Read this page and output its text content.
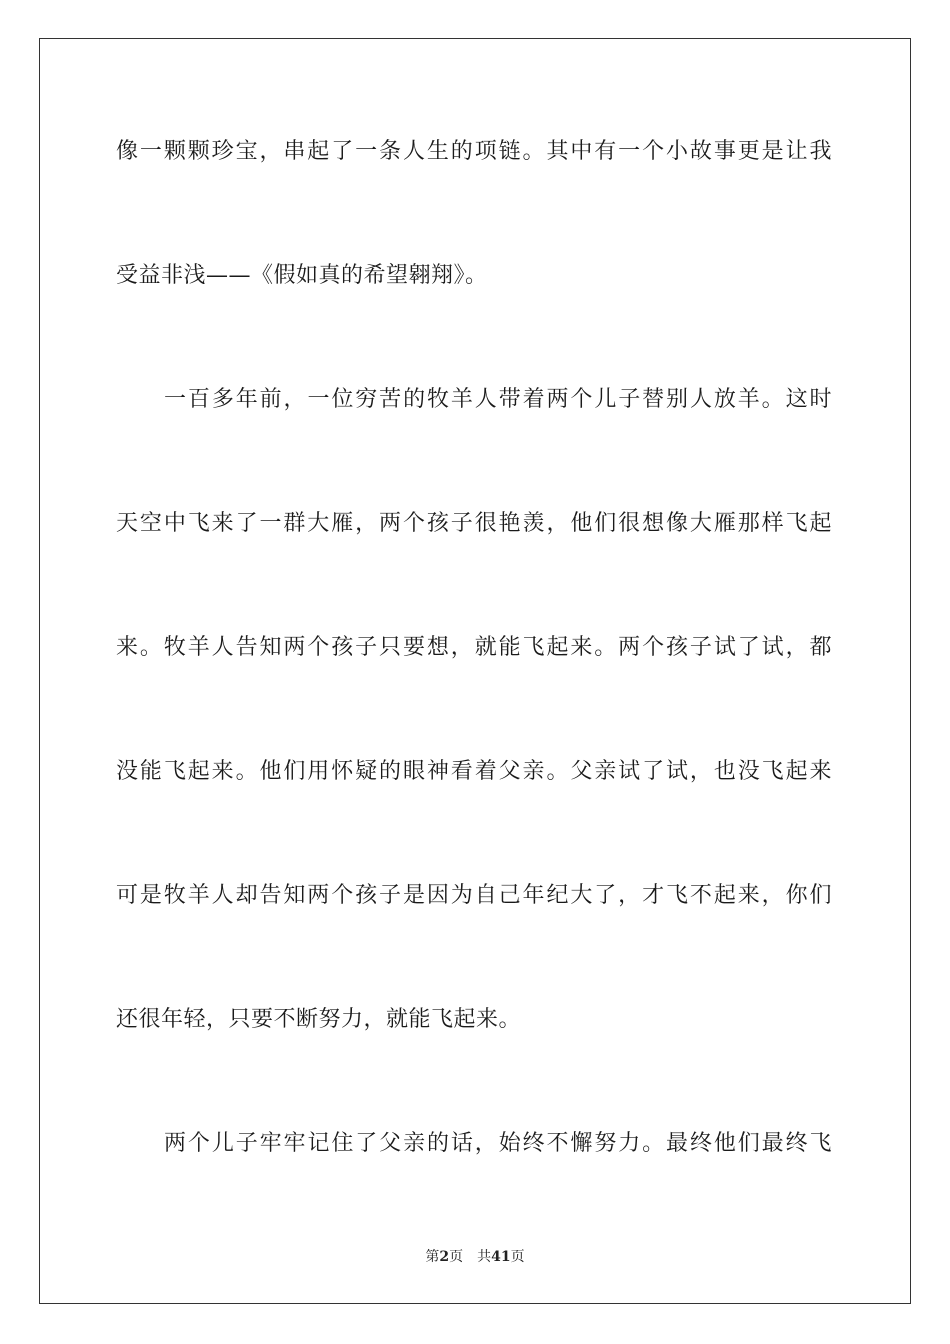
像一颗颗珍宝，串起了一条人生的项链。其中有一个小故事更是让我
受益非浅——《假如真的希望翱翔》。
一百多年前，一位穷苦的牧羊人带着两个儿子替别人放羊。这时
天空中飞来了一群大雁，两个孩子很艳羡，他们很想像大雁那样飞起
来。牧羊人告知两个孩子只要想，就能飞起来。两个孩子试了试，都
没能飞起来。他们用怀疑的眼神看着父亲。父亲试了试，也没飞起来
可是牧羊人却告知两个孩子是因为自己年纪大了，才飞不起来，你们
还很年轻，只要不断努力，就能飞起来。
两个儿子牢牢记住了父亲的话，始终不懈努力。最终他们最终飞
第2页 共41页
